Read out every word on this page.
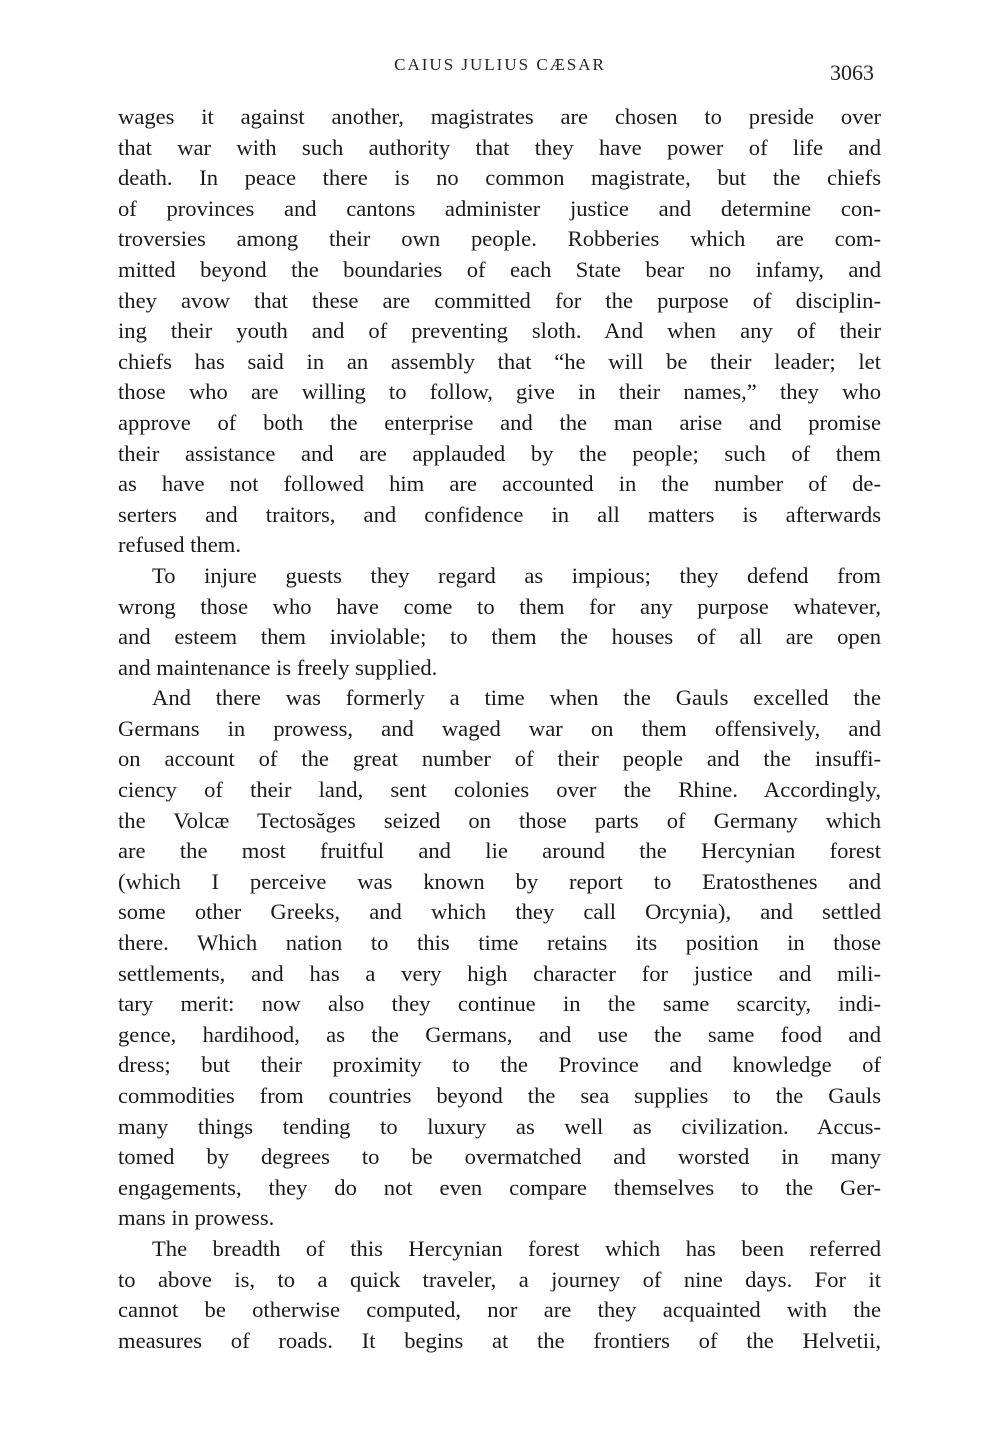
CAIUS JULIUS CÆSAR	3063
wages it against another, magistrates are chosen to preside over
that war with such authority that they have power of life and
death. In peace there is no common magistrate, but the chiefs
of provinces and cantons administer justice and determine con-
troversies among their own people. Robberies which are com-
mitted beyond the boundaries of each State bear no infamy, and
they avow that these are committed for the purpose of disciplin-
ing their youth and of preventing sloth. And when any of their
chiefs has said in an assembly that “he will be their leader; let
those who are willing to follow, give in their names,” they who
approve of both the enterprise and the man arise and promise
their assistance and are applauded by the people; such of them
as have not followed him are accounted in the number of de-
serters and traitors, and confidence in all matters is afterwards
refused them.
To injure guests they regard as impious; they defend from
wrong those who have come to them for any purpose whatever,
and esteem them inviolable; to them the houses of all are open
and maintenance is freely supplied.
And there was formerly a time when the Gauls excelled the
Germans in prowess, and waged war on them offensively, and
on account of the great number of their people and the insuffi-
ciency of their land, sent colonies over the Rhine. Accordingly,
the Volcæ Tectosăges seized on those parts of Germany which
are the most fruitful and lie around the Hercynian forest
(which I perceive was known by report to Eratosthenes and
some other Greeks, and which they call Orcynia), and settled
there. Which nation to this time retains its position in those
settlements, and has a very high character for justice and mili-
tary merit: now also they continue in the same scarcity, indi-
gence, hardihood, as the Germans, and use the same food and
dress; but their proximity to the Province and knowledge of
commodities from countries beyond the sea supplies to the Gauls
many things tending to luxury as well as civilization. Accus-
tomed by degrees to be overmatched and worsted in many
engagements, they do not even compare themselves to the Ger-
mans in prowess.
The breadth of this Hercynian forest which has been referred
to above is, to a quick traveler, a journey of nine days. For it
cannot be otherwise computed, nor are they acquainted with the
measures of roads. It begins at the frontiers of the Helvetii,
